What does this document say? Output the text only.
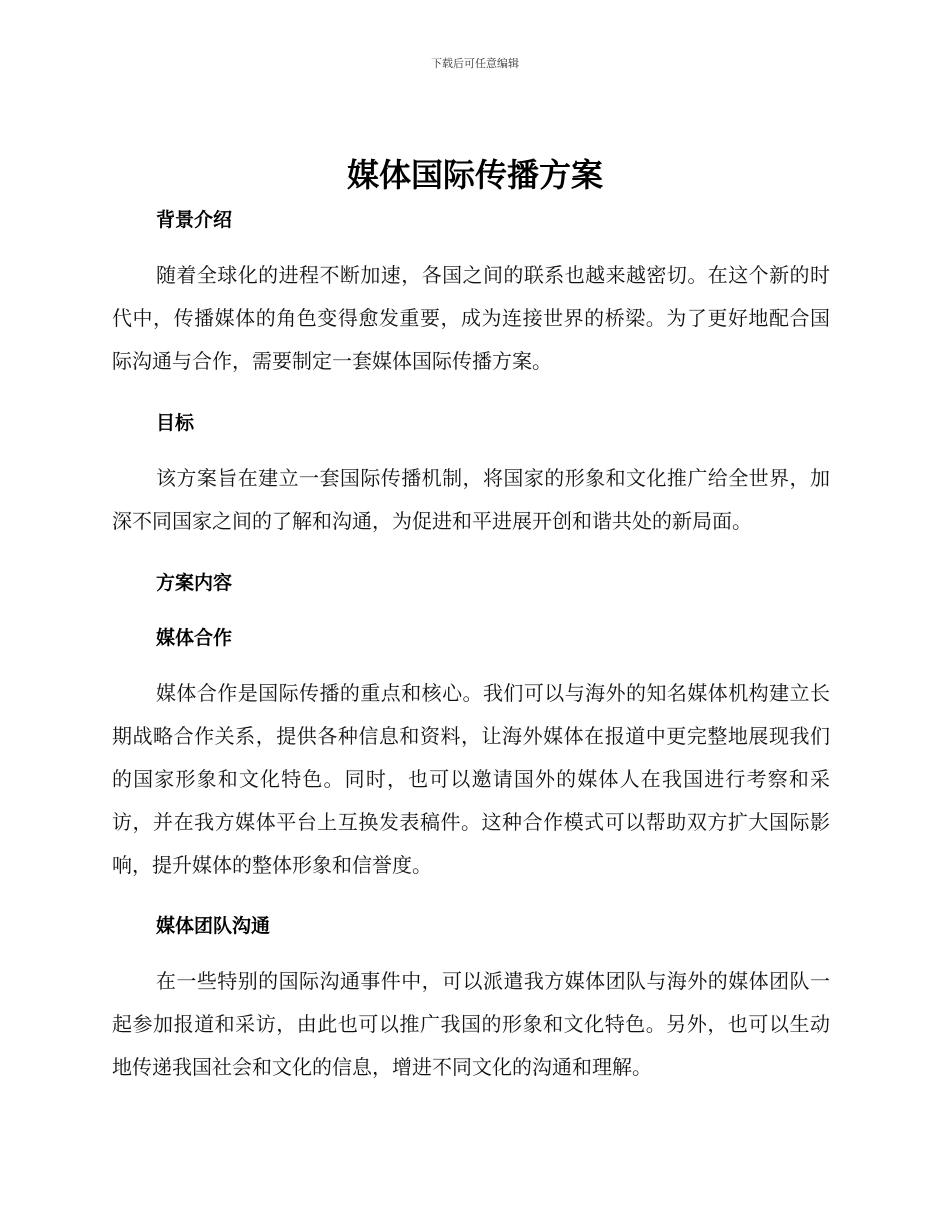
下载后可任意编辑
媒体国际传播方案
背景介绍

随着全球化的进程不断加速，各国之间的联系也越来越密切。在这个新的时代中，传播媒体的角色变得愈发重要，成为连接世界的桥梁。为了更好地配合国际沟通与合作，需要制定一套媒体国际传播方案。

目标

该方案旨在建立一套国际传播机制，将国家的形象和文化推广给全世界，加深不同国家之间的了解和沟通，为促进和平进展开创和谐共处的新局面。

方案内容
媒体合作

媒体合作是国际传播的重点和核心。我们可以与海外的知名媒体机构建立长期战略合作关系，提供各种信息和资料，让海外媒体在报道中更完整地展现我们的国家形象和文化特色。同时，也可以邀请国外的媒体人在我国进行考察和采访，并在我方媒体平台上互换发表稿件。这种合作模式可以帮助双方扩大国际影响，提升媒体的整体形象和信誉度。

媒体团队沟通

在一些特别的国际沟通事件中，可以派遣我方媒体团队与海外的媒体团队一起参加报道和采访，由此也可以推广我国的形象和文化特色。另外，也可以生动地传递我国社会和文化的信息，增进不同文化的沟通和理解。
